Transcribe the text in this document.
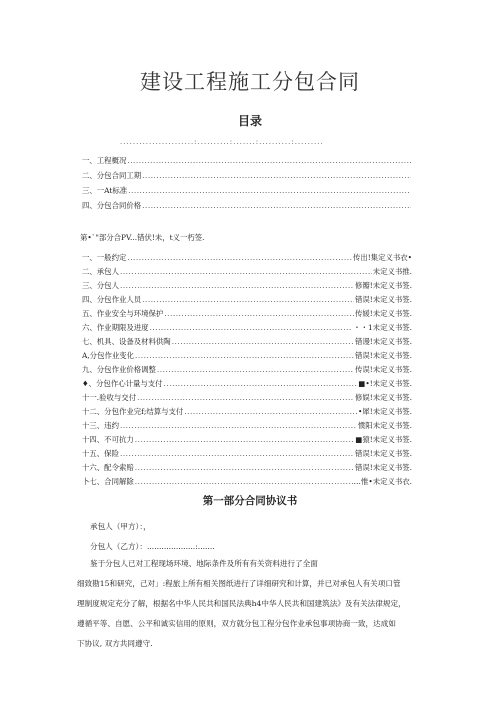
建设工程施工分包合同
目录
.......................:..........:.......:..........:.........
一、工程概况
.....
二、分包合同工期
.....
三、一At标准
.....
四、分包合同价格
.....
第•`"部分合PV...错伏!未，t义一朽签.
一、一般约定 .....	传出!集定义书衣•
二、承包人 .....	未定义书推.
三、分包人 .....	修瓣!未定义书签.
四、分包作业人员 .....	错误!未定义书签.
五、作业安全与环境保护 .....	传媛!未定义书签.
六、作业期限及进度 .....	・・1未定义书签.
七、机具、设备及材料供陶 .....	错谩!未定义书签.
A,分包作业变化 .....	错误!未定义书签.
九、分包作业价格调整 .....	传误!未定义书签.
♦、分包作心计量与支付 .....	■•!未定义书签.
十一.验收与交付 .....	修娱!未定义书签.
十二、分包作业完f;结算与支付 .....	•犀!未定义书签.
十三、违约 .....	惯阳未定义书签.
十四、不可抗力 .....	■猿!未定义书签.
十五、保险 .....	错误!未定义书签.
十六、配令索赔 .....	错误!未定义书签.
卜七、合同解除 .....	…惟•未定义书衣.
第一部分合同协议书
承包人（甲方）：，
分包人（乙方）：....................:.......

鉴于分包人已对工程现场环境、地际条件及所有有关资料进行了全面

细致勘15和研究，己对」:程旅上所有相关图纸进行了详细研究和计算，并已对承包人有关项口管

理制度规定充分了解，根据名中华人民共和国民法典h4中华人民共和国建筑法》及有关法律规定，

遵循平等、自愿、公平和诚实信用的原则，双方就分包工程分包作业承包事项协商一致，达成如

下协议, 双方共同遵守.
